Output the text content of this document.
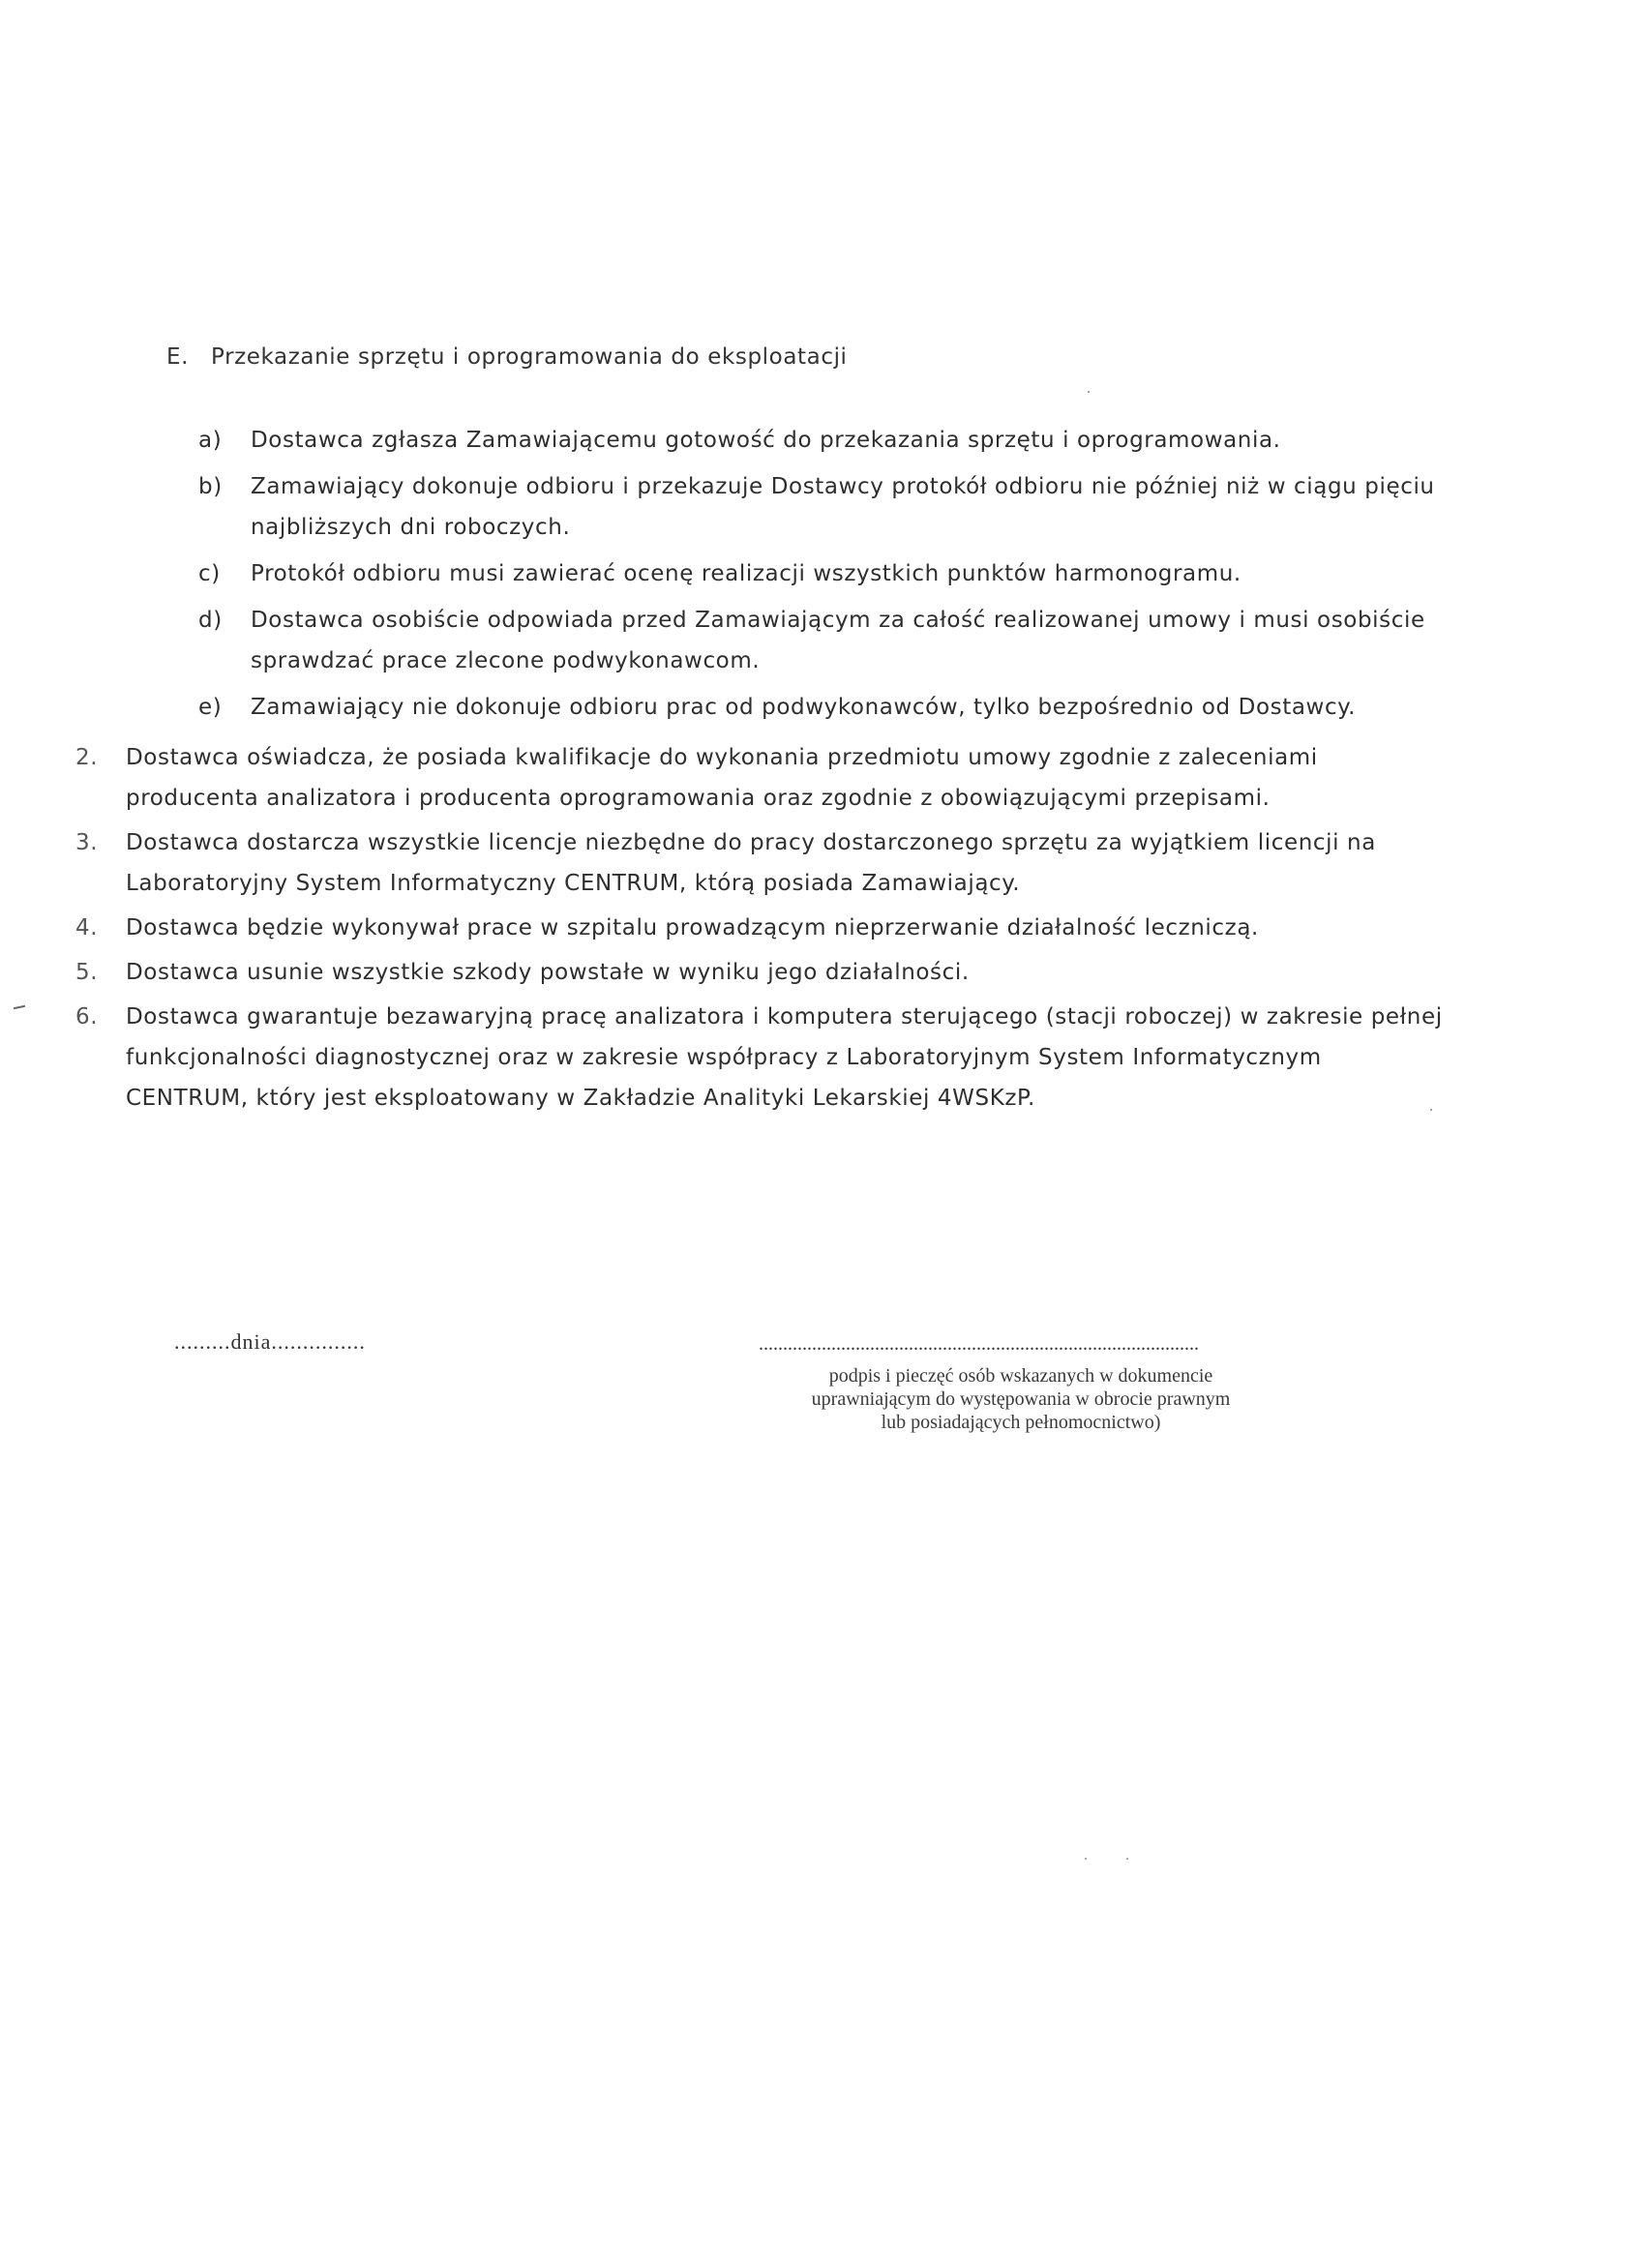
E. Przekazanie sprzętu i oprogramowania do eksploatacji
a)	Dostawca zgłasza Zamawiającemu gotowość do przekazania sprzętu i oprogramowania.
b)	Zamawiający dokonuje odbioru i przekazuje Dostawcy protokół odbioru nie później niż w ciągu pięciu najbliższych dni roboczych.
c)	Protokół odbioru musi zawierać ocenę realizacji wszystkich punktów harmonogramu.
d)	Dostawca osobiście odpowiada przed Zamawiającym za całość realizowanej umowy i musi osobiście sprawdzać prace zlecone podwykonawcom.
e)	Zamawiający nie dokonuje odbioru prac od podwykonawców, tylko bezpośrednio od Dostawcy.
2.	Dostawca oświadcza, że posiada kwalifikacje do wykonania przedmiotu umowy zgodnie z zaleceniami producenta analizatora i producenta oprogramowania oraz zgodnie z obowiązującymi przepisami.
3.	Dostawca dostarcza wszystkie licencje niezbędne do pracy dostarczonego sprzętu za wyjątkiem licencji na Laboratoryjny System Informatyczny CENTRUM, którą posiada Zamawiający.
4.	Dostawca będzie wykonywał prace w szpitalu prowadzącym nieprzerwanie działalność leczniczą.
5.	Dostawca usunie wszystkie szkody powstałe w wyniku jego działalności.
6.	Dostawca gwarantuje bezawaryjną pracę analizatora i komputera sterującego (stacji roboczej) w zakresie pełnej funkcjonalności diagnostycznej oraz w zakresie współpracy z Laboratoryjnym System Informatycznym CENTRUM, który jest eksploatowany w Zakładzie Analityki Lekarskiej 4WSKzP.
.........dnia...............	...........................................................................................
podpis i pieczęć osób wskazanych w dokumencie
uprawniającym do występowania w obrocie prawnym
lub posiadających pełnomocnictwo)
